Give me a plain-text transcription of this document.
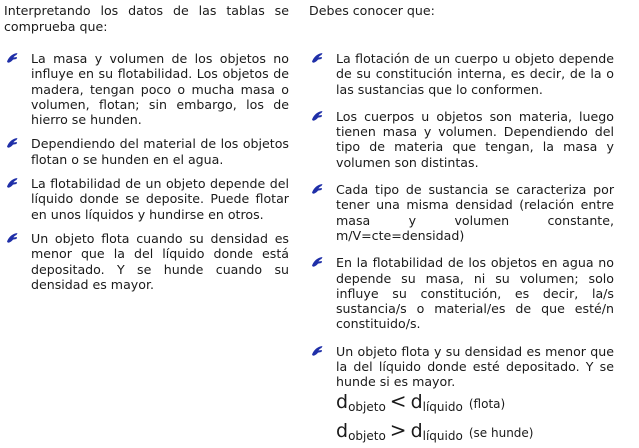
Interpretando los datos de las tablas se comprueba que:

La masa y volumen de los objetos no influye en su flotabilidad. Los objetos de madera, tengan poco o mucha masa o volumen, flotan; sin embargo, los de hierro se hunden.
Dependiendo del material de los objetos flotan o se hunden en el agua.
La flotabilidad de un objeto depende del líquido donde se deposite. Puede flotar en unos líquidos y hundirse en otros.
Un objeto flota cuando su densidad es menor que la del líquido donde está depositado. Y se hunde cuando su densidad es mayor.

Debes conocer que:

La flotación de un cuerpo u objeto depende de su constitución interna, es decir, de la o las sustancias que lo conformen.
Los cuerpos u objetos son materia, luego tienen masa y volumen. Dependiendo del tipo de materia que tengan, la masa y volumen son distintas.
Cada tipo de sustancia se caracteriza por tener una misma densidad (relación entre masa y volumen constante, m/V=cte=densidad)
En la flotabilidad de los objetos en agua no depende su masa, ni su volumen; solo influye su constitución, es decir, la/s sustancia/s o material/es de que esté/n constituido/s.
Un objeto flota y su densidad es menor que la del líquido donde esté depositado. Y se hunde si es mayor.
$d_{objeto} < d_{líquido}$ (flota)
$d_{objeto} > d_{líquido}$ (se hunde)
